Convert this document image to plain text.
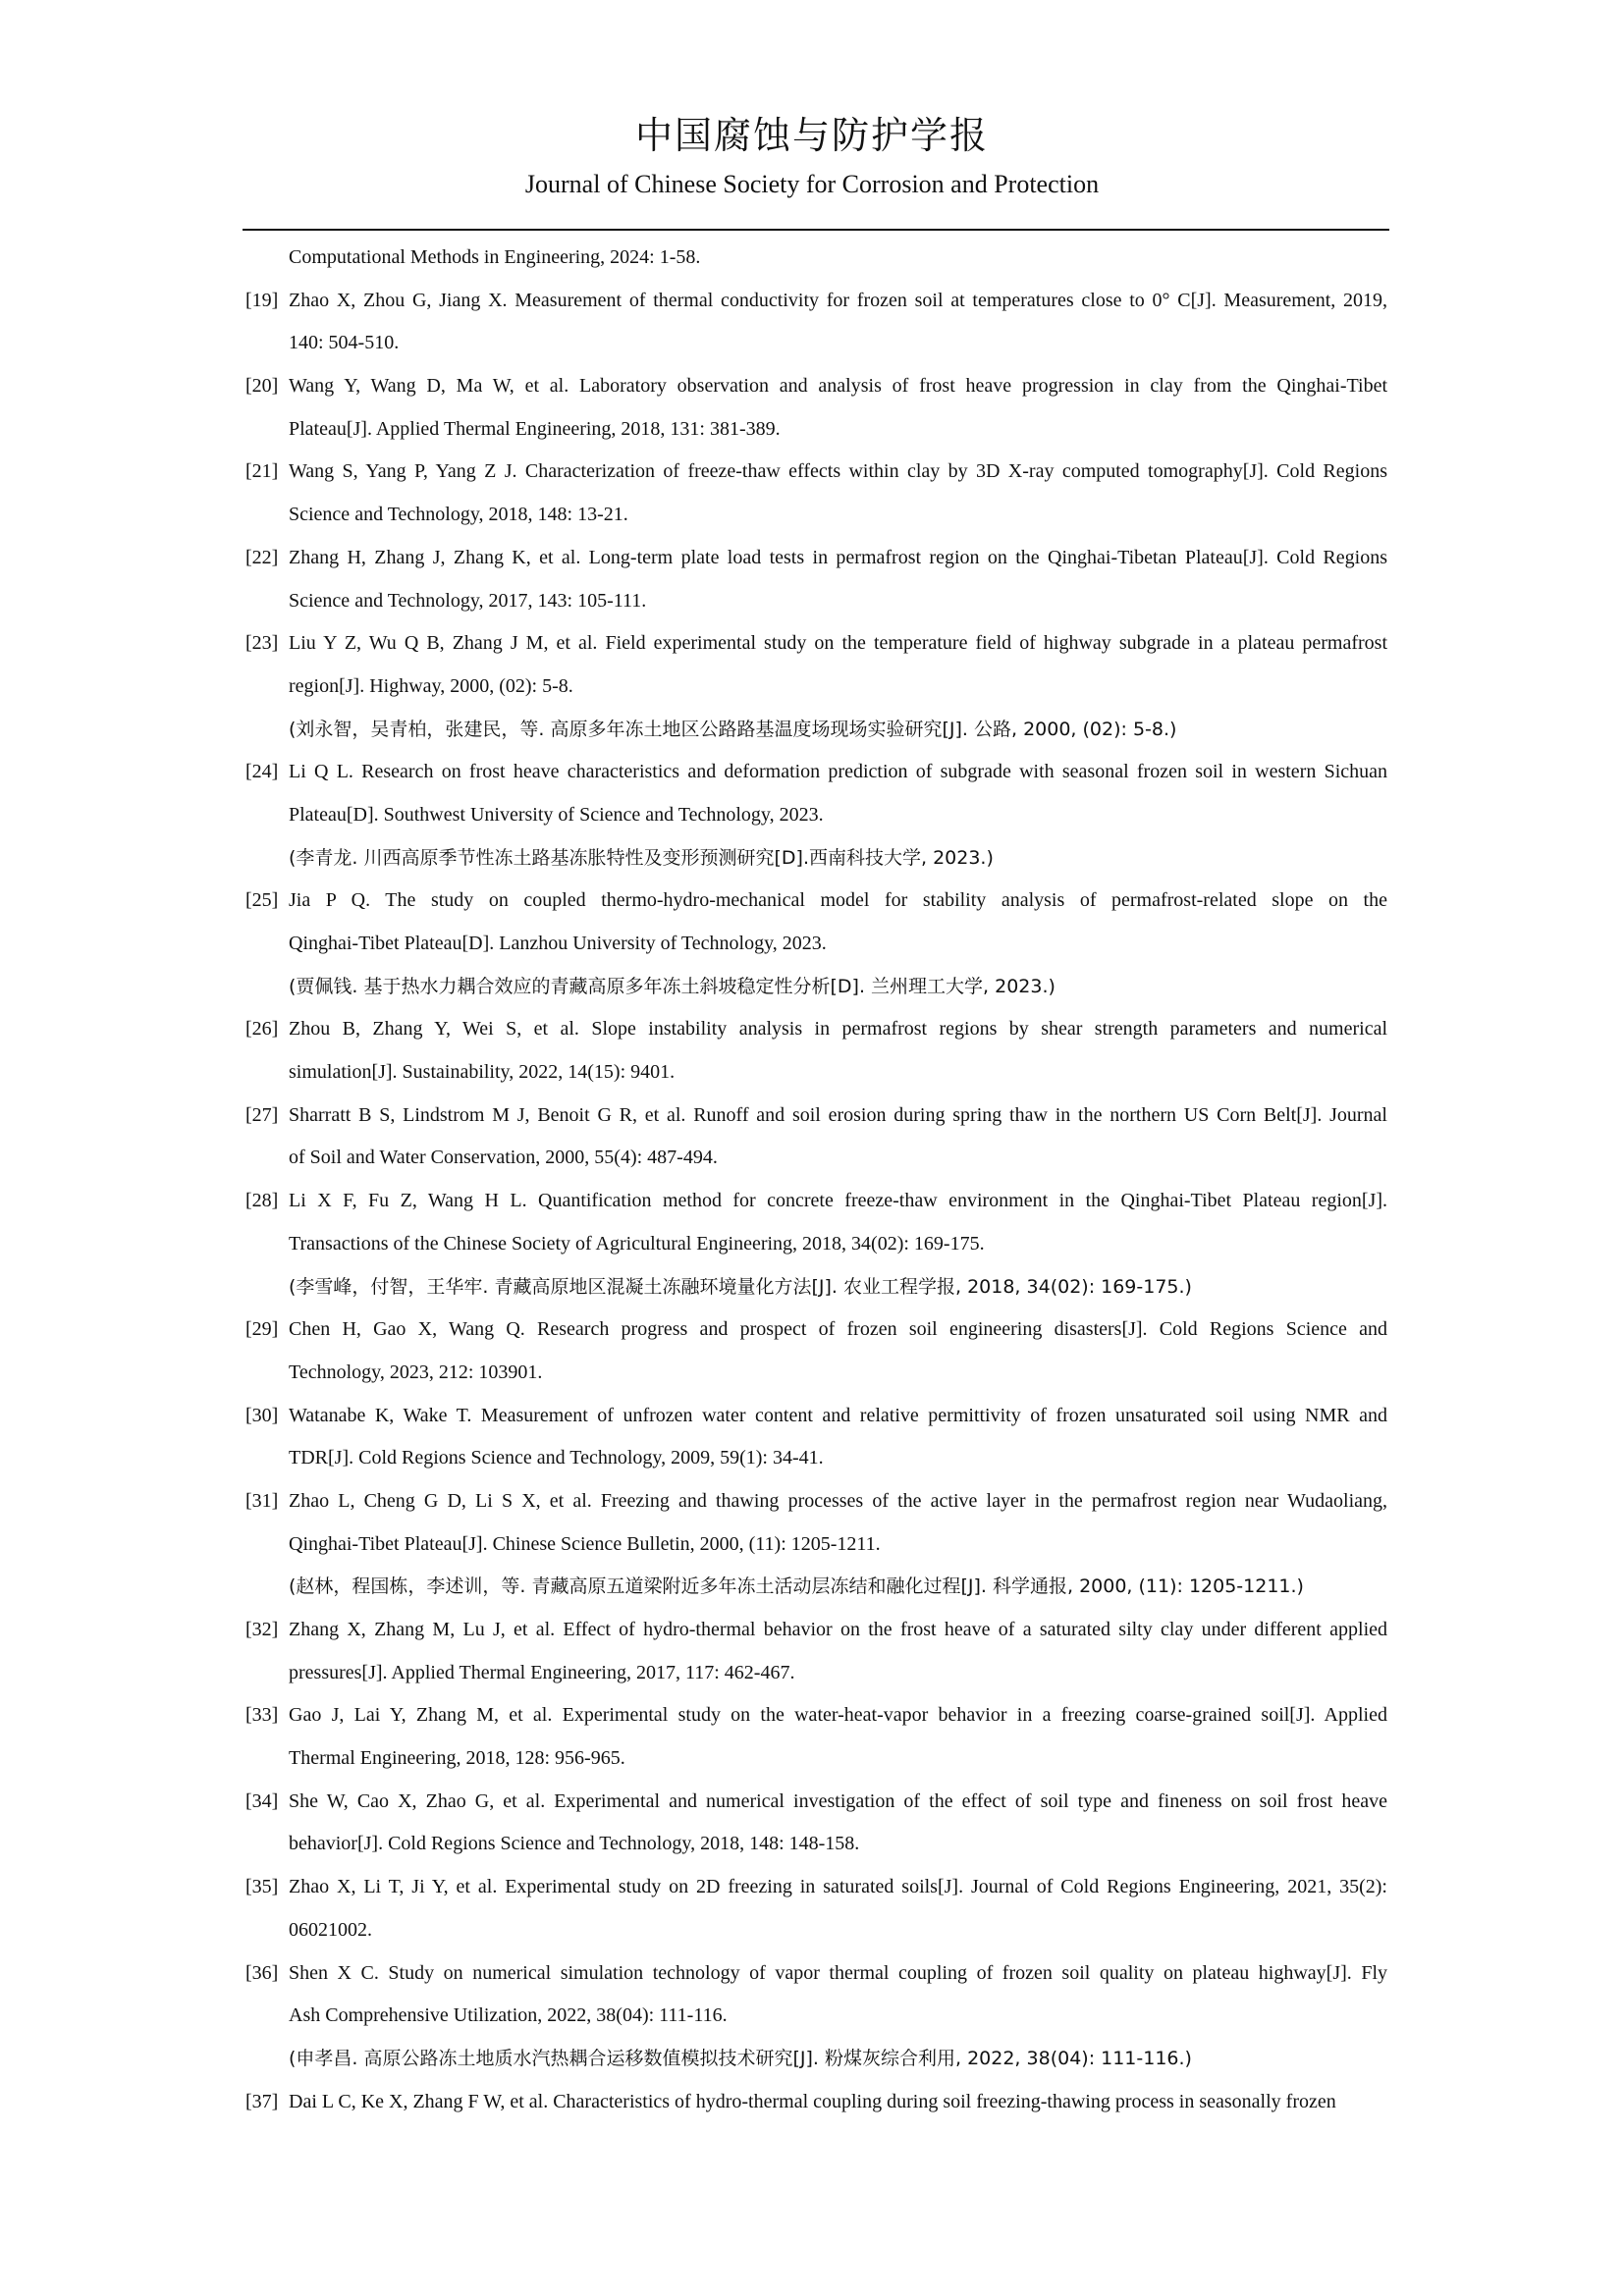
中国腐蚀与防护学报
Journal of Chinese Society for Corrosion and Protection
Computational Methods in Engineering, 2024: 1-58.
[19] Zhao X, Zhou G, Jiang X. Measurement of thermal conductivity for frozen soil at temperatures close to 0° C[J]. Measurement, 2019,
140: 504-510.
[20] Wang Y, Wang D, Ma W, et al. Laboratory observation and analysis of frost heave progression in clay from the Qinghai-Tibet
Plateau[J]. Applied Thermal Engineering, 2018, 131: 381-389.
[21] Wang S, Yang P, Yang Z J. Characterization of freeze-thaw effects within clay by 3D X-ray computed tomography[J]. Cold Regions
Science and Technology, 2018, 148: 13-21.
[22] Zhang H, Zhang J, Zhang K, et al. Long-term plate load tests in permafrost region on the Qinghai-Tibetan Plateau[J]. Cold Regions
Science and Technology, 2017, 143: 105-111.
[23] Liu Y Z, Wu Q B, Zhang J M, et al. Field experimental study on the temperature field of highway subgrade in a plateau permafrost
region[J]. Highway, 2000, (02): 5-8.
(刘永智，吴青柏，张建民，等. 高原多年冻土地区公路路基温度场现场实验研究[J]. 公路, 2000, (02): 5-8.)
[24] Li Q L. Research on frost heave characteristics and deformation prediction of subgrade with seasonal frozen soil in western Sichuan
Plateau[D]. Southwest University of Science and Technology, 2023.
(李青龙. 川西高原季节性冻土路基冻胀特性及变形预测研究[D].西南科技大学, 2023.)
[25] Jia P Q. The study on coupled thermo-hydro-mechanical model for stability analysis of permafrost-related slope on the
Qinghai-Tibet Plateau[D]. Lanzhou University of Technology, 2023.
(贾佩钱. 基于热水力耦合效应的青藏高原多年冻土斜坡稳定性分析[D]. 兰州理工大学, 2023.)
[26] Zhou B, Zhang Y, Wei S, et al. Slope instability analysis in permafrost regions by shear strength parameters and numerical
simulation[J]. Sustainability, 2022, 14(15): 9401.
[27] Sharratt B S, Lindstrom M J, Benoit G R, et al. Runoff and soil erosion during spring thaw in the northern US Corn Belt[J]. Journal
of Soil and Water Conservation, 2000, 55(4): 487-494.
[28] Li X F, Fu Z, Wang H L. Quantification method for concrete freeze-thaw environment in the Qinghai-Tibet Plateau region[J].
Transactions of the Chinese Society of Agricultural Engineering, 2018, 34(02): 169-175.
(李雪峰，付智，王华牢. 青藏高原地区混凝土冻融环境量化方法[J]. 农业工程学报, 2018, 34(02): 169-175.)
[29] Chen H, Gao X, Wang Q. Research progress and prospect of frozen soil engineering disasters[J]. Cold Regions Science and
Technology, 2023, 212: 103901.
[30] Watanabe K, Wake T. Measurement of unfrozen water content and relative permittivity of frozen unsaturated soil using NMR and
TDR[J]. Cold Regions Science and Technology, 2009, 59(1): 34-41.
[31] Zhao L, Cheng G D, Li S X, et al. Freezing and thawing processes of the active layer in the permafrost region near Wudaoliang,
Qinghai-Tibet Plateau[J]. Chinese Science Bulletin, 2000, (11): 1205-1211.
(赵林，程国栋，李述训，等. 青藏高原五道梁附近多年冻土活动层冻结和融化过程[J]. 科学通报, 2000, (11): 1205-1211.)
[32] Zhang X, Zhang M, Lu J, et al. Effect of hydro-thermal behavior on the frost heave of a saturated silty clay under different applied
pressures[J]. Applied Thermal Engineering, 2017, 117: 462-467.
[33] Gao J, Lai Y, Zhang M, et al. Experimental study on the water-heat-vapor behavior in a freezing coarse-grained soil[J]. Applied
Thermal Engineering, 2018, 128: 956-965.
[34] She W, Cao X, Zhao G, et al. Experimental and numerical investigation of the effect of soil type and fineness on soil frost heave
behavior[J]. Cold Regions Science and Technology, 2018, 148: 148-158.
[35] Zhao X, Li T, Ji Y, et al. Experimental study on 2D freezing in saturated soils[J]. Journal of Cold Regions Engineering, 2021, 35(2):
06021002.
[36] Shen X C. Study on numerical simulation technology of vapor thermal coupling of frozen soil quality on plateau highway[J]. Fly
Ash Comprehensive Utilization, 2022, 38(04): 111-116.
(申孝昌. 高原公路冻土地质水汽热耦合运移数值模拟技术研究[J]. 粉煤灰综合利用, 2022, 38(04): 111-116.)
[37] Dai L C, Ke X, Zhang F W, et al. Characteristics of hydro-thermal coupling during soil freezing-thawing process in seasonally frozen
